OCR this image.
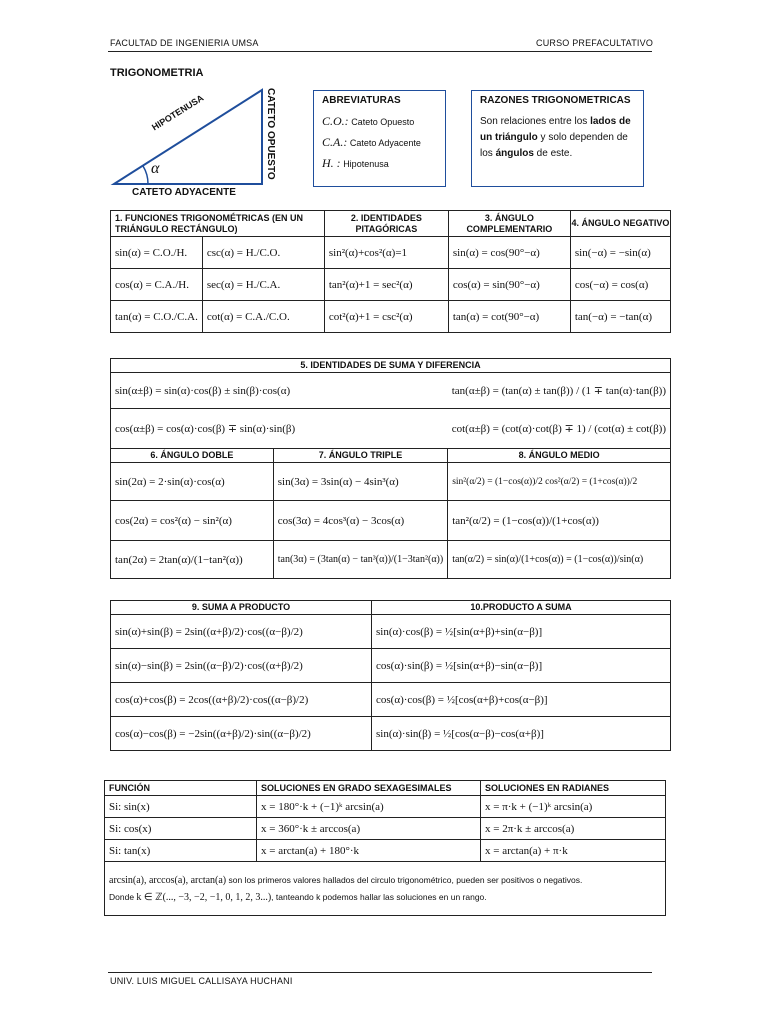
FACULTAD DE INGENIERIA UMSA	CURSO PREFACULTATIVO
TRIGONOMETRIA
HIPOTENUSA	CATETO OPUESTO
CATETO ADYACENTE
α
ABREVIATURAS
C.O.: Cateto Opuesto
C.A.: Cateto Adyacente
H. : Hipotenusa
RAZONES TRIGONOMETRICAS
Son relaciones entre los lados de un triángulo y solo dependen de los ángulos de este.
1. FUNCIONES TRIGONOMÉTRICAS (EN UN TRIÁNGULO RECTÁNGULO)		2. IDENTIDADES PITAGÓRICAS	3. ÁNGULO COMPLEMENTARIO	4. ÁNGULO NEGATIVO
sin(α) = C.O./H.	csc(α) = H./C.O.	sin²(α)+cos²(α)=1	sin(α) = cos(90°−α)	sin(−α) = −sin(α)
cos(α) = C.A./H.	sec(α) = H./C.A.	tan²(α)+1 = sec²(α)	cos(α) = sin(90°−α)	cos(−α) = cos(α)
tan(α) = C.O./C.A.	cot(α) = C.A./C.O.	cot²(α)+1 = csc²(α)	tan(α) = cot(90°−α)	tan(−α) = −tan(α)
5. IDENTIDADES DE SUMA Y DIFERENCIA		
sin(α±β) = sin(α)·cos(β) ± sin(β)·cos(α)		tan(α±β) = (tan(α) ± tan(β)) / (1 ∓ tan(α)·tan(β))
cos(α±β) = cos(α)·cos(β) ∓ sin(α)·sin(β)		cot(α±β) = (cot(α)·cot(β) ∓ 1) / (cot(α) ± cot(β))
6. ÁNGULO DOBLE	7. ÁNGULO TRIPLE	8. ÁNGULO MEDIO
sin(2α) = 2·sin(α)·cos(α)	sin(3α) = 3sin(α) − 4sin³(α)	sin²(α/2) = (1−cos(α))/2 cos²(α/2) = (1+cos(α))/2
cos(2α) = cos²(α) − sin²(α)	cos(3α) = 4cos³(α) − 3cos(α)	tan²(α/2) = (1−cos(α))/(1+cos(α))
tan(2α) = 2tan(α)/(1−tan²(α))	tan(3α) = (3tan(α) − tan³(α))/(1−3tan²(α))	tan(α/2) = sin(α)/(1+cos(α)) = (1−cos(α))/sin(α)
9. SUMA A PRODUCTO	10.PRODUCTO A SUMA
sin(α)+sin(β) = 2sin((α+β)/2)·cos((α−β)/2)	sin(α)·cos(β) = ½[sin(α+β)+sin(α−β)]
sin(α)−sin(β) = 2sin((α−β)/2)·cos((α+β)/2)	cos(α)·sin(β) = ½[sin(α+β)−sin(α−β)]
cos(α)+cos(β) = 2cos((α+β)/2)·cos((α−β)/2)	cos(α)·cos(β) = ½[cos(α+β)+cos(α−β)]
cos(α)−cos(β) = −2sin((α+β)/2)·sin((α−β)/2)	sin(α)·sin(β) = ½[cos(α−β)−cos(α+β)]
FUNCIÓN	SOLUCIONES EN GRADO SEXAGESIMALES	SOLUCIONES EN RADIANES
Si: sin(x)	x = 180°·k + (−1)ᵏ arcsin(a)	x = π·k + (−1)ᵏ arcsin(a)
Si: cos(x)	x = 360°·k ± arccos(a)	x = 2π·k ± arccos(a)
Si: tan(x)	x = arctan(a) + 180°·k	x = arctan(a) + π·k

arcsin(a), arccos(a), arctan(a) son los primeros valores hallados del circulo trigonométrico, pueden ser positivos o negativos.
Donde k ∈ ℤ(..., −3, −2, −1, 0, 1, 2, 3...), tanteando k podemos hallar las soluciones en un rango.		
UNIV. LUIS MIGUEL CALLISAYA HUCHANI
